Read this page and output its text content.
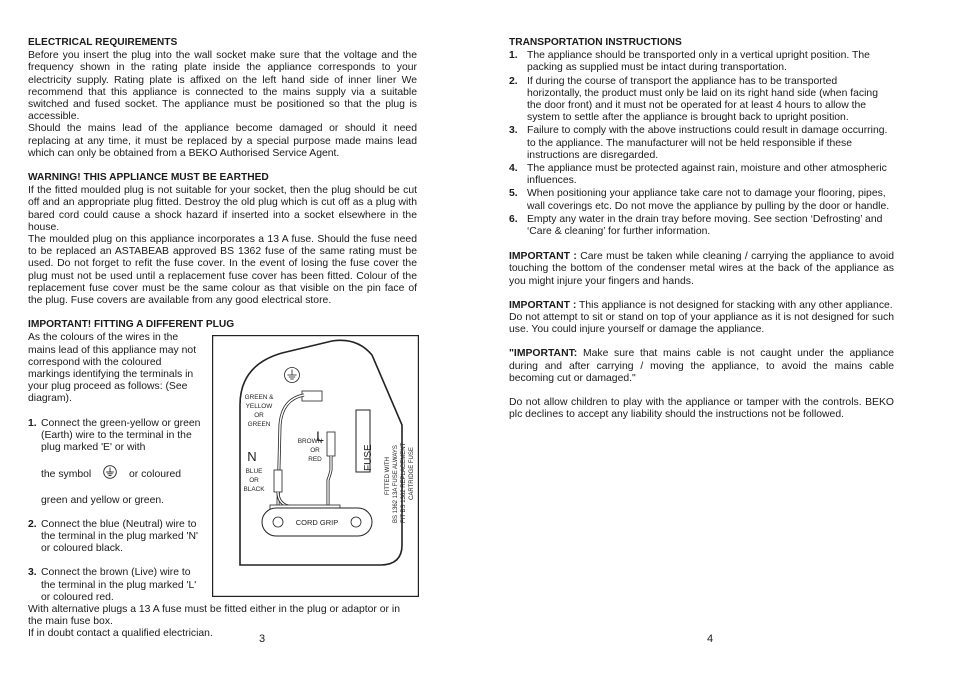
ELECTRICAL REQUIREMENTS

Before you insert the plug into the wall socket make sure that the voltage and the frequency shown in the rating plate inside the appliance corresponds to your electricity supply. Rating plate is affixed on the left hand side of inner liner We recommend that this appliance is connected to the mains supply via a suitable switched and fused socket. The appliance must be positioned so that the plug is accessible.

Should the mains lead of the appliance become damaged or should it need replacing at any time, it must be replaced by a special purpose made mains lead which can only be obtained from a BEKO Authorised Service Agent.

WARNING! THIS APPLIANCE MUST BE EARTHED

If the fitted moulded plug is not suitable for your socket, then the plug should be cut off and an appropriate plug fitted. Destroy the old plug which is cut off as a plug with bared cord could cause a shock hazard if inserted into a socket elsewhere in the house.

The moulded plug on this appliance incorporates a 13 A fuse. Should the fuse need to be replaced an ASTABEAB approved BS 1362 fuse of the same rating must be used. Do not forget to refit the fuse cover. In the event of losing the fuse cover the plug must not be used until a replacement fuse cover has been fitted. Colour of the replacement fuse cover must be the same colour as that visible on the pin face of the plug. Fuse covers are available from any good electrical store.

IMPORTANT! FITTING A DIFFERENT PLUG

As the colours of the wires in the mains lead of this appliance may not correspond with the coloured markings identifying the terminals in your plug proceed as follows: (See diagram).

1. Connect the green-yellow or green (Earth) wire to the terminal in the plug marked 'E' or with
the symbol	or coloured
green and yellow or green.
2. Connect the blue (Neutral) wire to the terminal in the plug marked 'N' or coloured black.
3. Connect the brown (Live) wire to the terminal in the plug marked 'L' or coloured red.

With alternative plugs a 13 A fuse must be fitted either in the plug or adaptor or in the main fuse box.

If in doubt contact a qualified electrician.

GREEN &
YELLOW
OR
GREEN
BROWN
OR
RED
BLUE
OR
BLACK
N
L
FUSE FITTED WITH BS 1362 13A FUSE ALWAYS FIT BS 1362 REPLACEMENT CARTRIDGE FUSE
CORD GRIP
3
TRANSPORTATION INSTRUCTIONS
1. The appliance should be transported only in a vertical upright position. The packing as supplied must be intact during transportation.
2. If during the course of transport the appliance has to be transported horizontally, the product must only be laid on its right hand side (when facing the door front) and it must not be operated for at least 4 hours to allow the system to settle after the appliance is brought back to upright position.
3. Failure to comply with the above instructions could result in damage occurring. to the appliance. The manufacturer will not be held responsible if these instructions are disregarded.
4. The appliance must be protected against rain, moisture and other atmospheric influences.
5. When positioning your appliance take care not to damage your flooring, pipes, wall coverings etc. Do not move the appliance by pulling by the door or handle.
6. Empty any water in the drain tray before moving. See section ‘Defrosting’ and ‘Care & cleaning’ for further information.

IMPORTANT : Care must be taken while cleaning / carrying the appliance to avoid touching the bottom of the condenser metal wires at the back of the appliance as you might injure your fingers and hands.

IMPORTANT : This appliance is not designed for stacking with any other appliance.

Do not attempt to sit or stand on top of your appliance as it is not designed for such use. You could injure yourself or damage the appliance.

"IMPORTANT: Make sure that mains cable is not caught under the appliance during and after carrying / moving the appliance, to avoid the mains cable becoming cut or damaged."

Do not allow children to play with the appliance or tamper with the controls. BEKO plc declines to accept any liability should the instructions not be followed.

4
